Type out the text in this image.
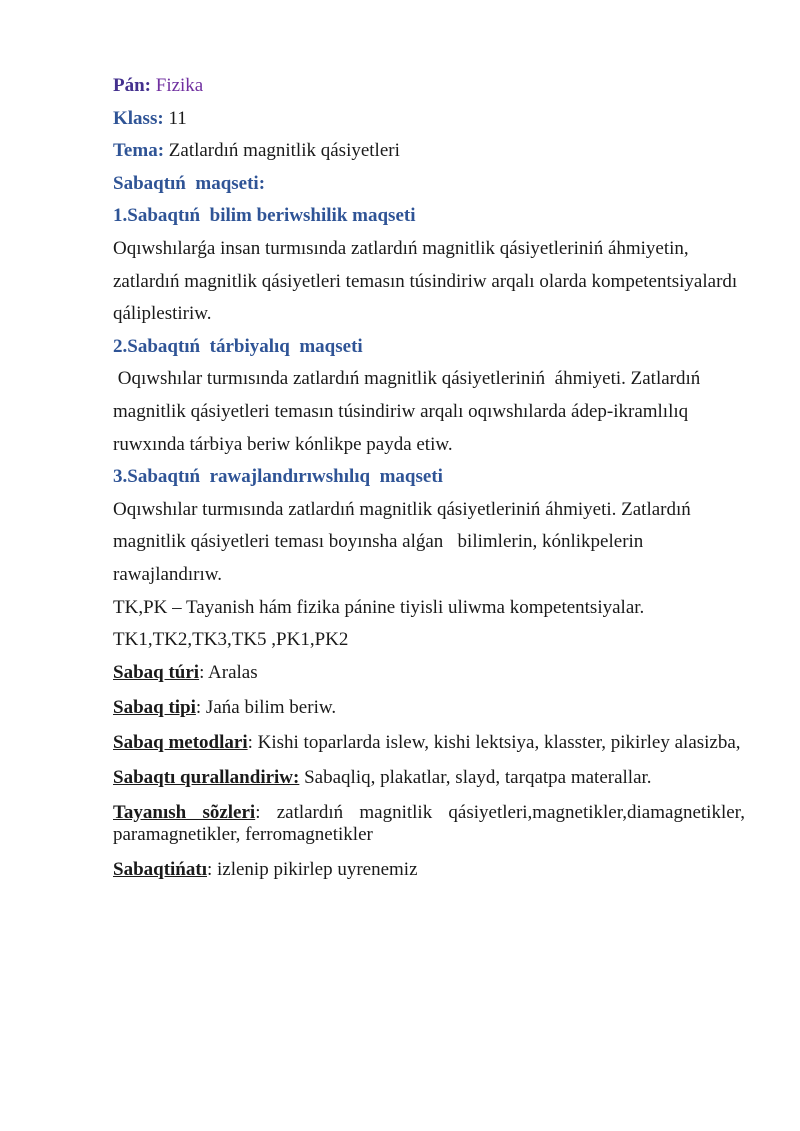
Pán: Fizika

Klass: 11

Tema: Zatlardıń magnitlik qásiyetleri

Sabaqtıń  maqseti:

1.Sabaqtıń  bilim beriwshilik maqseti

Oqıwshılarǵa insan turmısında zatlardıń magnitlik qásiyetleriniń áhmiyetin, zatlardıń magnitlik qásiyetleri temasın túsindiriw arqalı olarda kompetentsiyalardı qáliplestiriw.

2.Sabaqtıń  tárbiyalıq  maqseti

Oqıwshılar turmısında zatlardıń magnitlik qásiyetleriniń  áhmiyeti. Zatlardıń magnitlik qásiyetleri temasın túsindiriw arqalı oqıwshılarda ádep-ikramlılıq ruwxında tárbiya beriw kónlikpe payda etiw.

3.Sabaqtıń  rawajlandırıwshılıq  maqseti

Oqıwshılar turmısında zatlardıń magnitlik qásiyetleriniń áhmiyeti. Zatlardıń magnitlik qásiyetleri teması boyınsha alǵan   bilimlerin, kónlikpelerin rawajlandırıw.

TK,PK – Tayanish hám fizika pánine tiyisli uliwma kompetentsiyalar.

TK1,TK2,TK3,TK5 ,PK1,PK2

Sabaq túri: Aralas

Sabaq tipi: Jańa bilim beriw.

Sabaq metodlari: Kishi toparlarda islew, kishi lektsiya, klasster, pikirley alasizba,

Sabaqtı qurallandiriw: Sabaqliq, plakatlar, slayd, tarqatpa materallar.

Tayanısh sõzleri: zatlardıń magnitlik qásiyetleri,magnetikler,diamagnetikler, paramagnetikler, ferromagnetikler

Sabaqtińatı: izlenip pikirlep uyrenemiz
